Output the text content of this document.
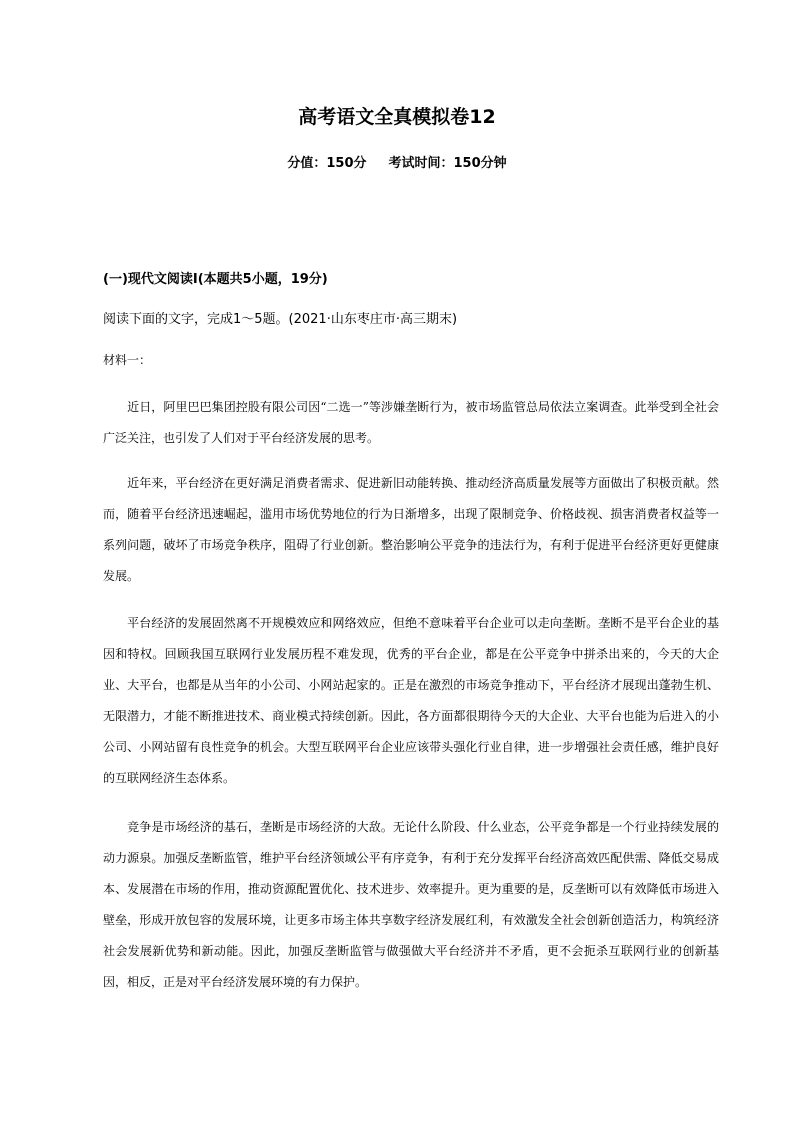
高考语文全真模拟卷12
分值：150分 考试时间：150分钟
(一)现代文阅读Ⅰ(本题共5小题，19分)
阅读下面的文字，完成1～5题。(2021·山东枣庄市·高三期末)
材料一：
　　近日，阿里巴巴集团控股有限公司因“二选一”等涉嫌垄断行为，被市场监管总局依法立案调查。此举受到全社会广泛关注，也引发了人们对于平台经济发展的思考。
　　近年来，平台经济在更好满足消费者需求、促进新旧动能转换、推动经济高质量发展等方面做出了积极贡献。然而，随着平台经济迅速崛起，滥用市场优势地位的行为日渐增多，出现了限制竞争、价格歧视、损害消费者权益等一系列问题，破坏了市场竞争秩序，阻碍了行业创新。整治影响公平竞争的违法行为，有利于促进平台经济更好更健康发展。
　　平台经济的发展固然离不开规模效应和网络效应，但绝不意味着平台企业可以走向垄断。垄断不是平台企业的基因和特权。回顾我国互联网行业发展历程不难发现，优秀的平台企业，都是在公平竞争中拼杀出来的，今天的大企业、大平台，也都是从当年的小公司、小网站起家的。正是在激烈的市场竞争推动下，平台经济才展现出蓬勃生机、无限潜力，才能不断推进技术、商业模式持续创新。因此，各方面都很期待今天的大企业、大平台也能为后进入的小公司、小网站留有良性竞争的机会。大型互联网平台企业应该带头强化行业自律，进一步增强社会责任感，维护良好的互联网经济生态体系。
　　竞争是市场经济的基石，垄断是市场经济的大敌。无论什么阶段、什么业态，公平竞争都是一个行业持续发展的动力源泉。加强反垄断监管，维护平台经济领域公平有序竞争，有利于充分发挥平台经济高效匹配供需、降低交易成本、发展潜在市场的作用，推动资源配置优化、技术进步、效率提升。更为重要的是，反垄断可以有效降低市场进入壁垒，形成开放包容的发展环境，让更多市场主体共享数字经济发展红利，有效激发全社会创新创造活力，构筑经济社会发展新优势和新动能。因此，加强反垄断监管与做强做大平台经济并不矛盾，更不会扼杀互联网行业的创新基因，相反，正是对平台经济发展环境的有力保护。
